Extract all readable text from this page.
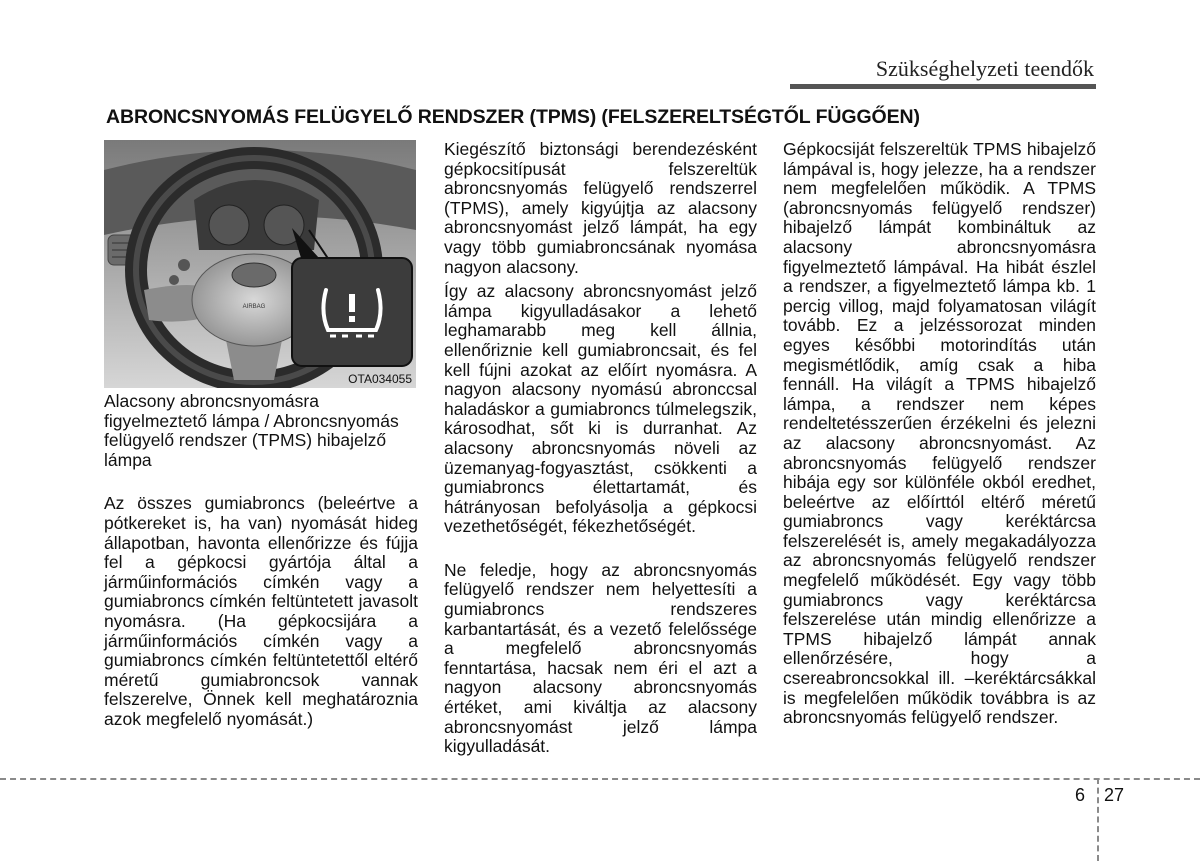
Szükséghelyzeti teendők
ABRONCSNYOMÁS FELÜGYELŐ RENDSZER (TPMS) (FELSZERELTSÉGTŐL FÜGGŐEN)
AIRBAG
OTA034055

Alacsony abroncsnyomásra figyelmeztető lámpa / Abroncsnyomás felügyelő rendszer (TPMS) hibajelző lámpa

Az összes gumiabroncs (beleértve a pótkereket is, ha van) nyomását hideg állapotban, havonta ellenőrizze és fújja fel a gépkocsi gyártója által a járműinformációs címkén vagy a gumiabroncs címkén feltüntetett javasolt nyomásra. (Ha gépkocsijára a járműinformációs címkén vagy a gumiabroncs címkén feltüntetettől eltérő méretű gumiabroncsok vannak felszerelve, Önnek kell meghatároznia azok megfelelő nyomását.)

Kiegészítő biztonsági berendezésként gépkocsitípusát felszereltük abroncsnyomás felügyelő rendszerrel (TPMS), amely kigyújtja az alacsony abroncsnyomást jelző lámpát, ha egy vagy több gumiabroncsának nyomása nagyon alacsony.

Így az alacsony abroncsnyomást jelző lámpa kigyulladásakor a lehető leghamarabb meg kell állnia, ellenőriznie kell gumiabroncsait, és fel kell fújni azokat az előírt nyomásra. A nagyon alacsony nyomású abronccsal haladáskor a gumiabroncs túlmelegszik, károsodhat, sőt ki is durranhat. Az alacsony abroncsnyomás növeli az üzemanyag-fogyasztást, csökkenti a gumiabroncs élettartamát, és hátrányosan befolyásolja a gépkocsi vezethetőségét, fékezhetőségét.

Ne feledje, hogy az abroncsnyomás felügyelő rendszer nem helyettesíti a gumiabroncs rendszeres karbantartását, és a vezető felelőssége a megfelelő abroncsnyomás fenntartása, hacsak nem éri el azt a nagyon alacsony abroncsnyomás értéket, ami kiváltja az alacsony abroncsnyomást jelző lámpa kigyulladását.

Gépkocsiját felszereltük TPMS hibajelző lámpával is, hogy jelezze, ha a rendszer nem megfelelően működik. A TPMS (abroncsnyomás felügyelő rendszer) hibajelző lámpát kombináltuk az alacsony abroncsnyomásra figyelmeztető lámpával. Ha hibát észlel a rendszer, a figyelmeztető lámpa kb. 1 percig villog, majd folyamatosan világít tovább. Ez a jelzéssorozat minden egyes későbbi motorindítás után megismétlődik, amíg csak a hiba fennáll. Ha világít a TPMS hibajelző lámpa, a rendszer nem képes rendeltetésszerűen érzékelni és jelezni az alacsony abroncsnyomást. Az abroncsnyomás felügyelő rendszer hibája egy sor különféle okból eredhet, beleértve az előírttól eltérő méretű gumiabroncs vagy keréktárcsa felszerelését is, amely megakadályozza az abroncsnyomás felügyelő rendszer megfelelő működését. Egy vagy több gumiabroncs vagy keréktárcsa felszerelése után mindig ellenőrizze a TPMS hibajelző lámpát annak ellenőrzésére, hogy a csereabroncsokkal ill. –keréktárcsákkal is megfelelően működik továbbra is az abroncsnyomás felügyelő rendszer.

6 27
